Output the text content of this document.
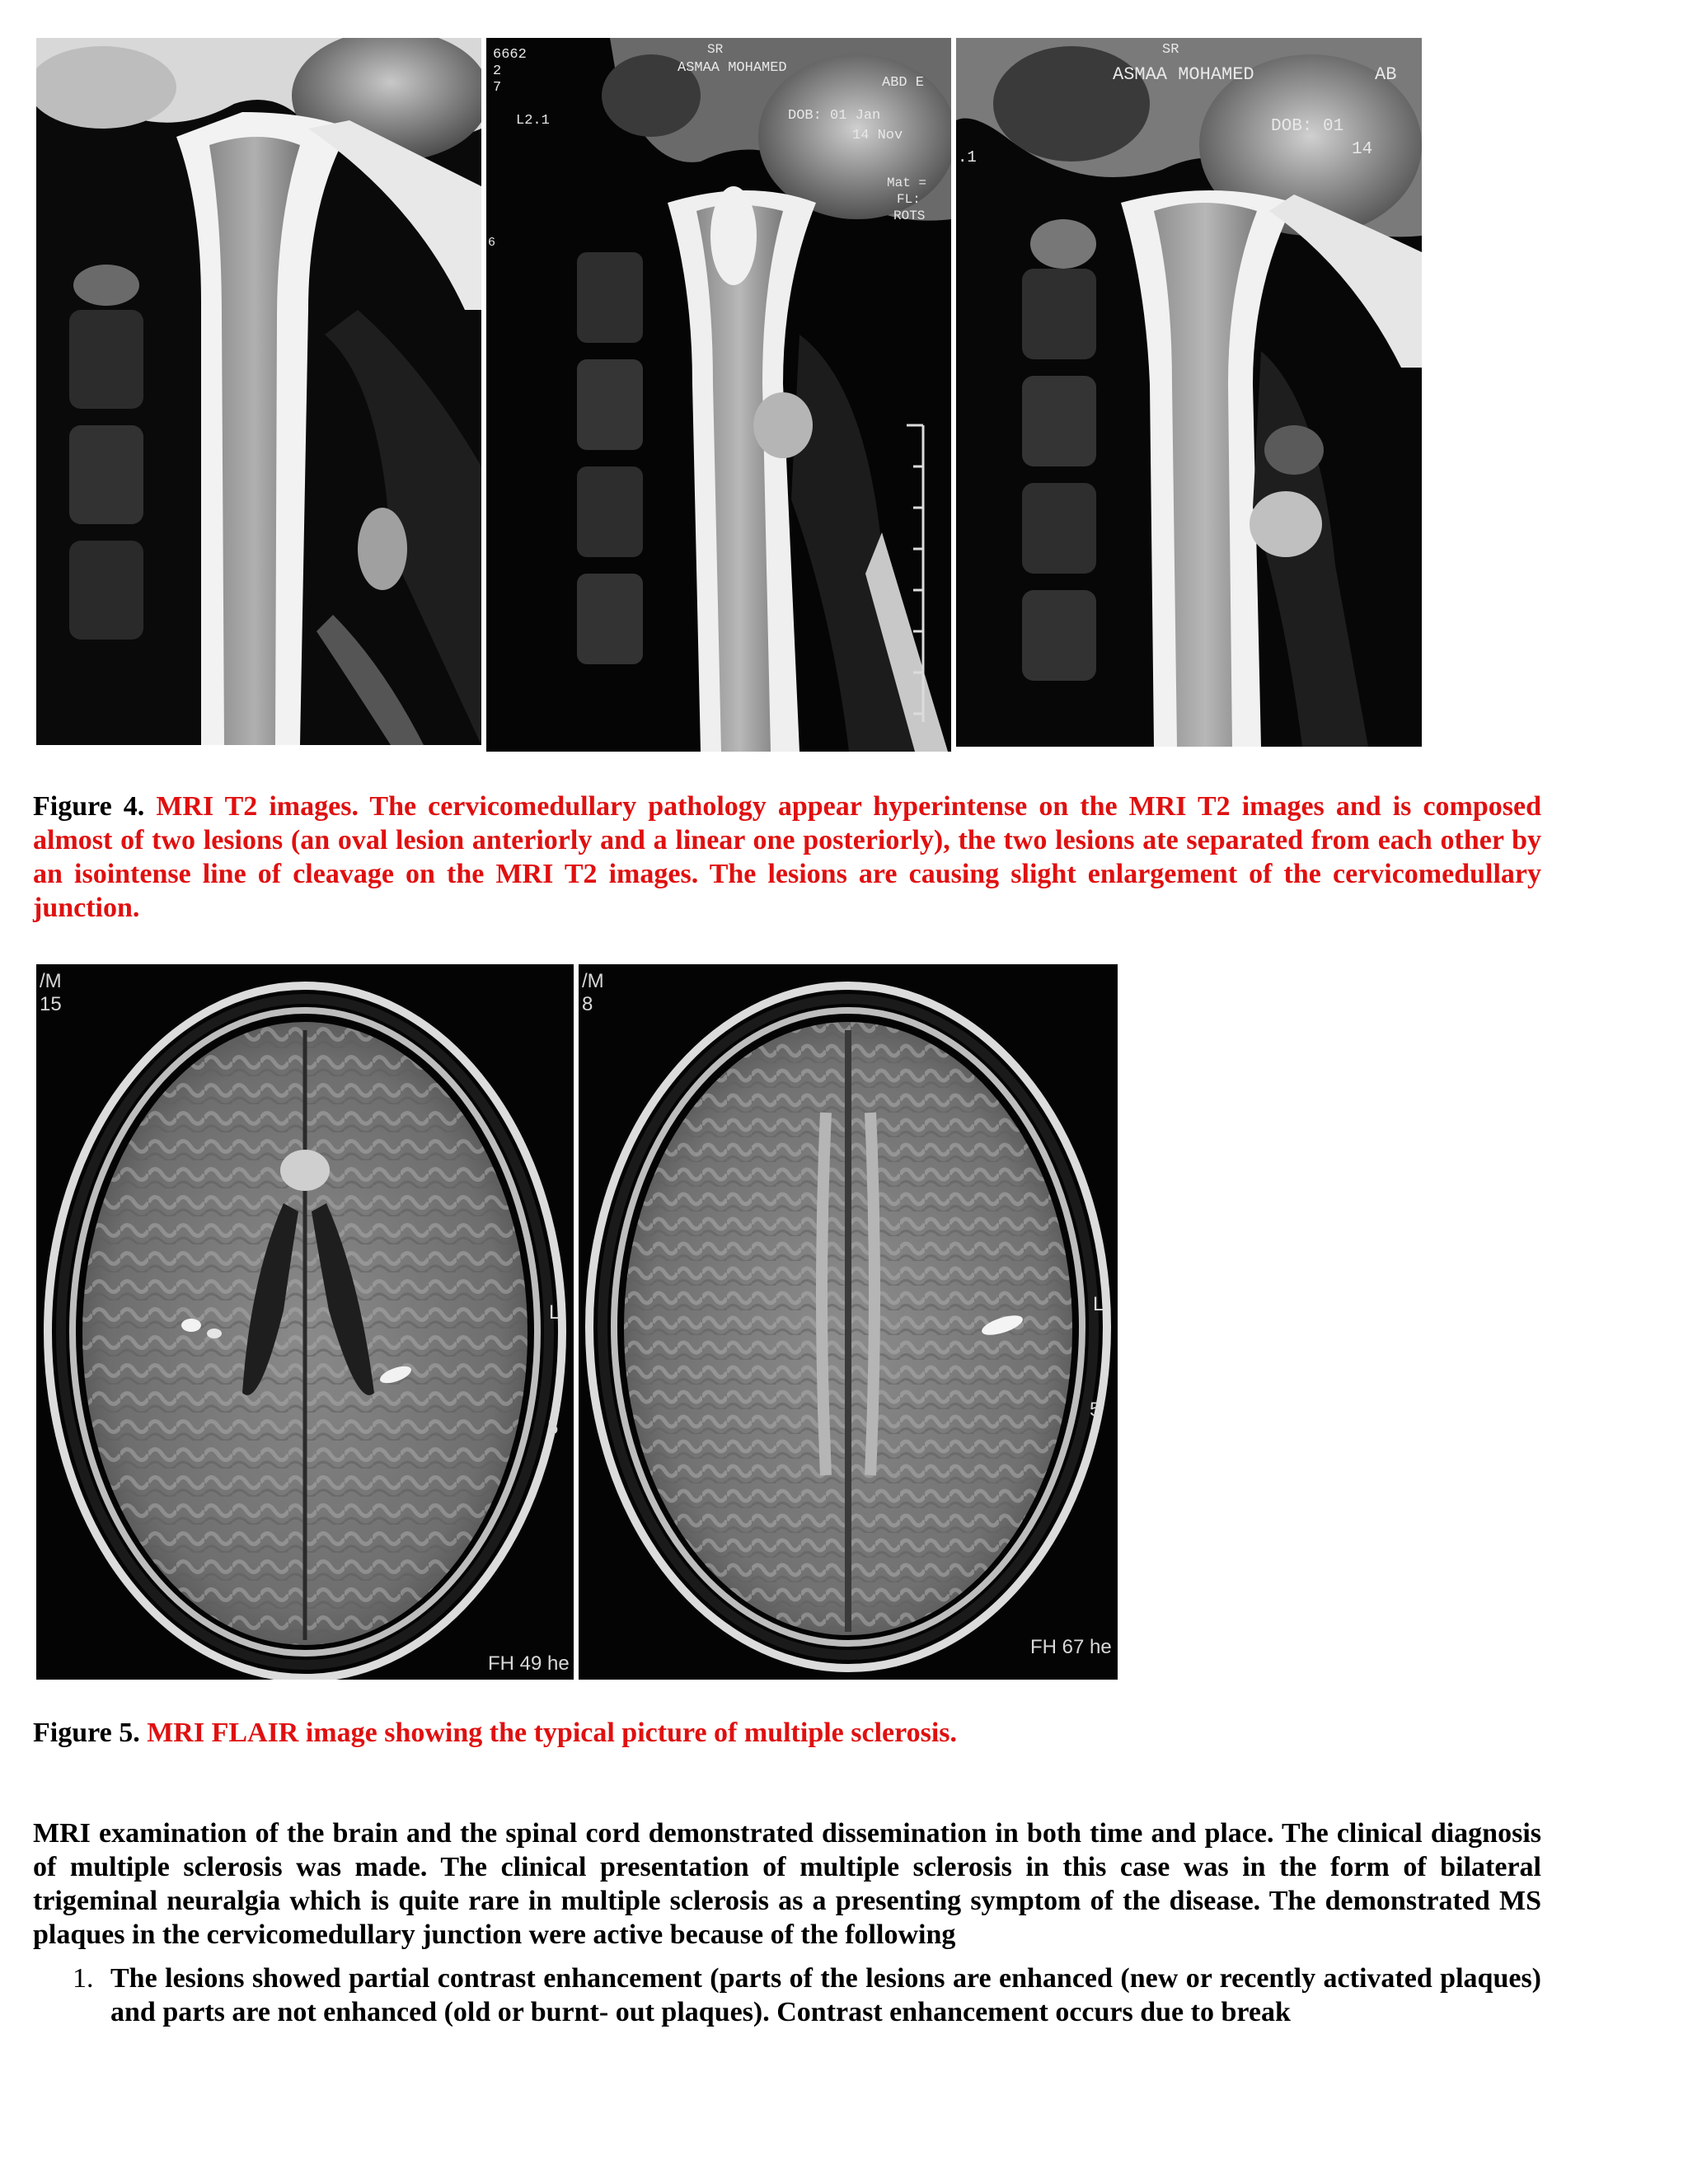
6662
2
7
L2.1
6
SR
ASMAA MOHAMED
ABD E
DOB: 01 Jan
14 Nov
Mat =
FL:
ROTS
SR
ASMAA MOHAMED	AB
DOB: 01
14
.1
Figure 4. MRI T2 images. The cervicomedullary pathology appear hyperintense on the MRI T2 images and is composed almost of two lesions (an oval lesion anteriorly and a linear one posteriorly), the two lesions ate separated from each other by an isointense line of cleavage on the MRI T2 images. The lesions are causing slight enlargement of the cervicomedullary junction.
/M
15
L
5
FH 49 he
/M
8
L
5
FH 67 he
Figure 5. MRI FLAIR image showing the typical picture of multiple sclerosis.

MRI examination of the brain and the spinal cord demonstrated dissemination in both time and place. The clinical diagnosis of multiple sclerosis was made. The clinical presentation of multiple sclerosis in this case was in the form of bilateral trigeminal neuralgia which is quite rare in multiple sclerosis as a presenting symptom of the disease. The demonstrated MS plaques in the cervicomedullary junction were active because of the following

1. The lesions showed partial contrast enhancement (parts of the lesions are enhanced (new or recently activated plaques) and parts are not enhanced (old or burnt- out plaques). Contrast enhancement occurs due to break
